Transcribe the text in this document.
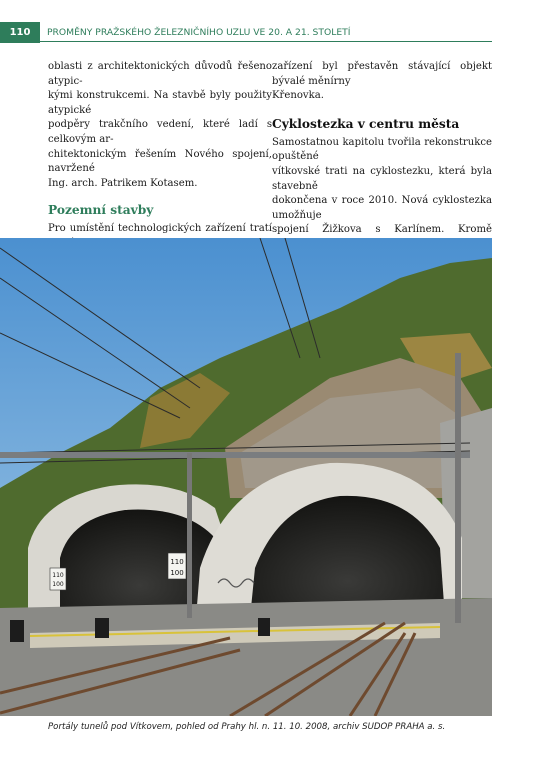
110	PROMĚNY PRAŽSKÉHO ŽELEZNIČNÍHO UZLU VE 20. A 21. STOLETÍ

oblasti z architektonických důvodů řešeno atypic-
kými konstrukcemi. Na stavbě byly použity atypické
podpěry trakčního vedení, které ladí s celkovým ar-
chitektonickým řešením Nového spojení, navržené
Ing. arch. Patrikem Kotasem.

Pozemní stavby

Pro umístění technologických zařízení tratí

zařízení byl přestavěn stávající objekt bývalé měnírny
Křenovka.

Cyklostezka v centru města

Samostatnou kapitolu tvořila rekonstrukce opuštěné
vítkovské trati na cyklostezku, která byla stavebně
dokončena v roce 2010. Nová cyklostezka umožňuje
spojení Žižkova s Karlínem. Kromě

110
100
110
100
Portály tunelů pod Vítkovem, pohled od Prahy hl. n. 11. 10. 2008, archiv SUDOP PRAHA a. s.
